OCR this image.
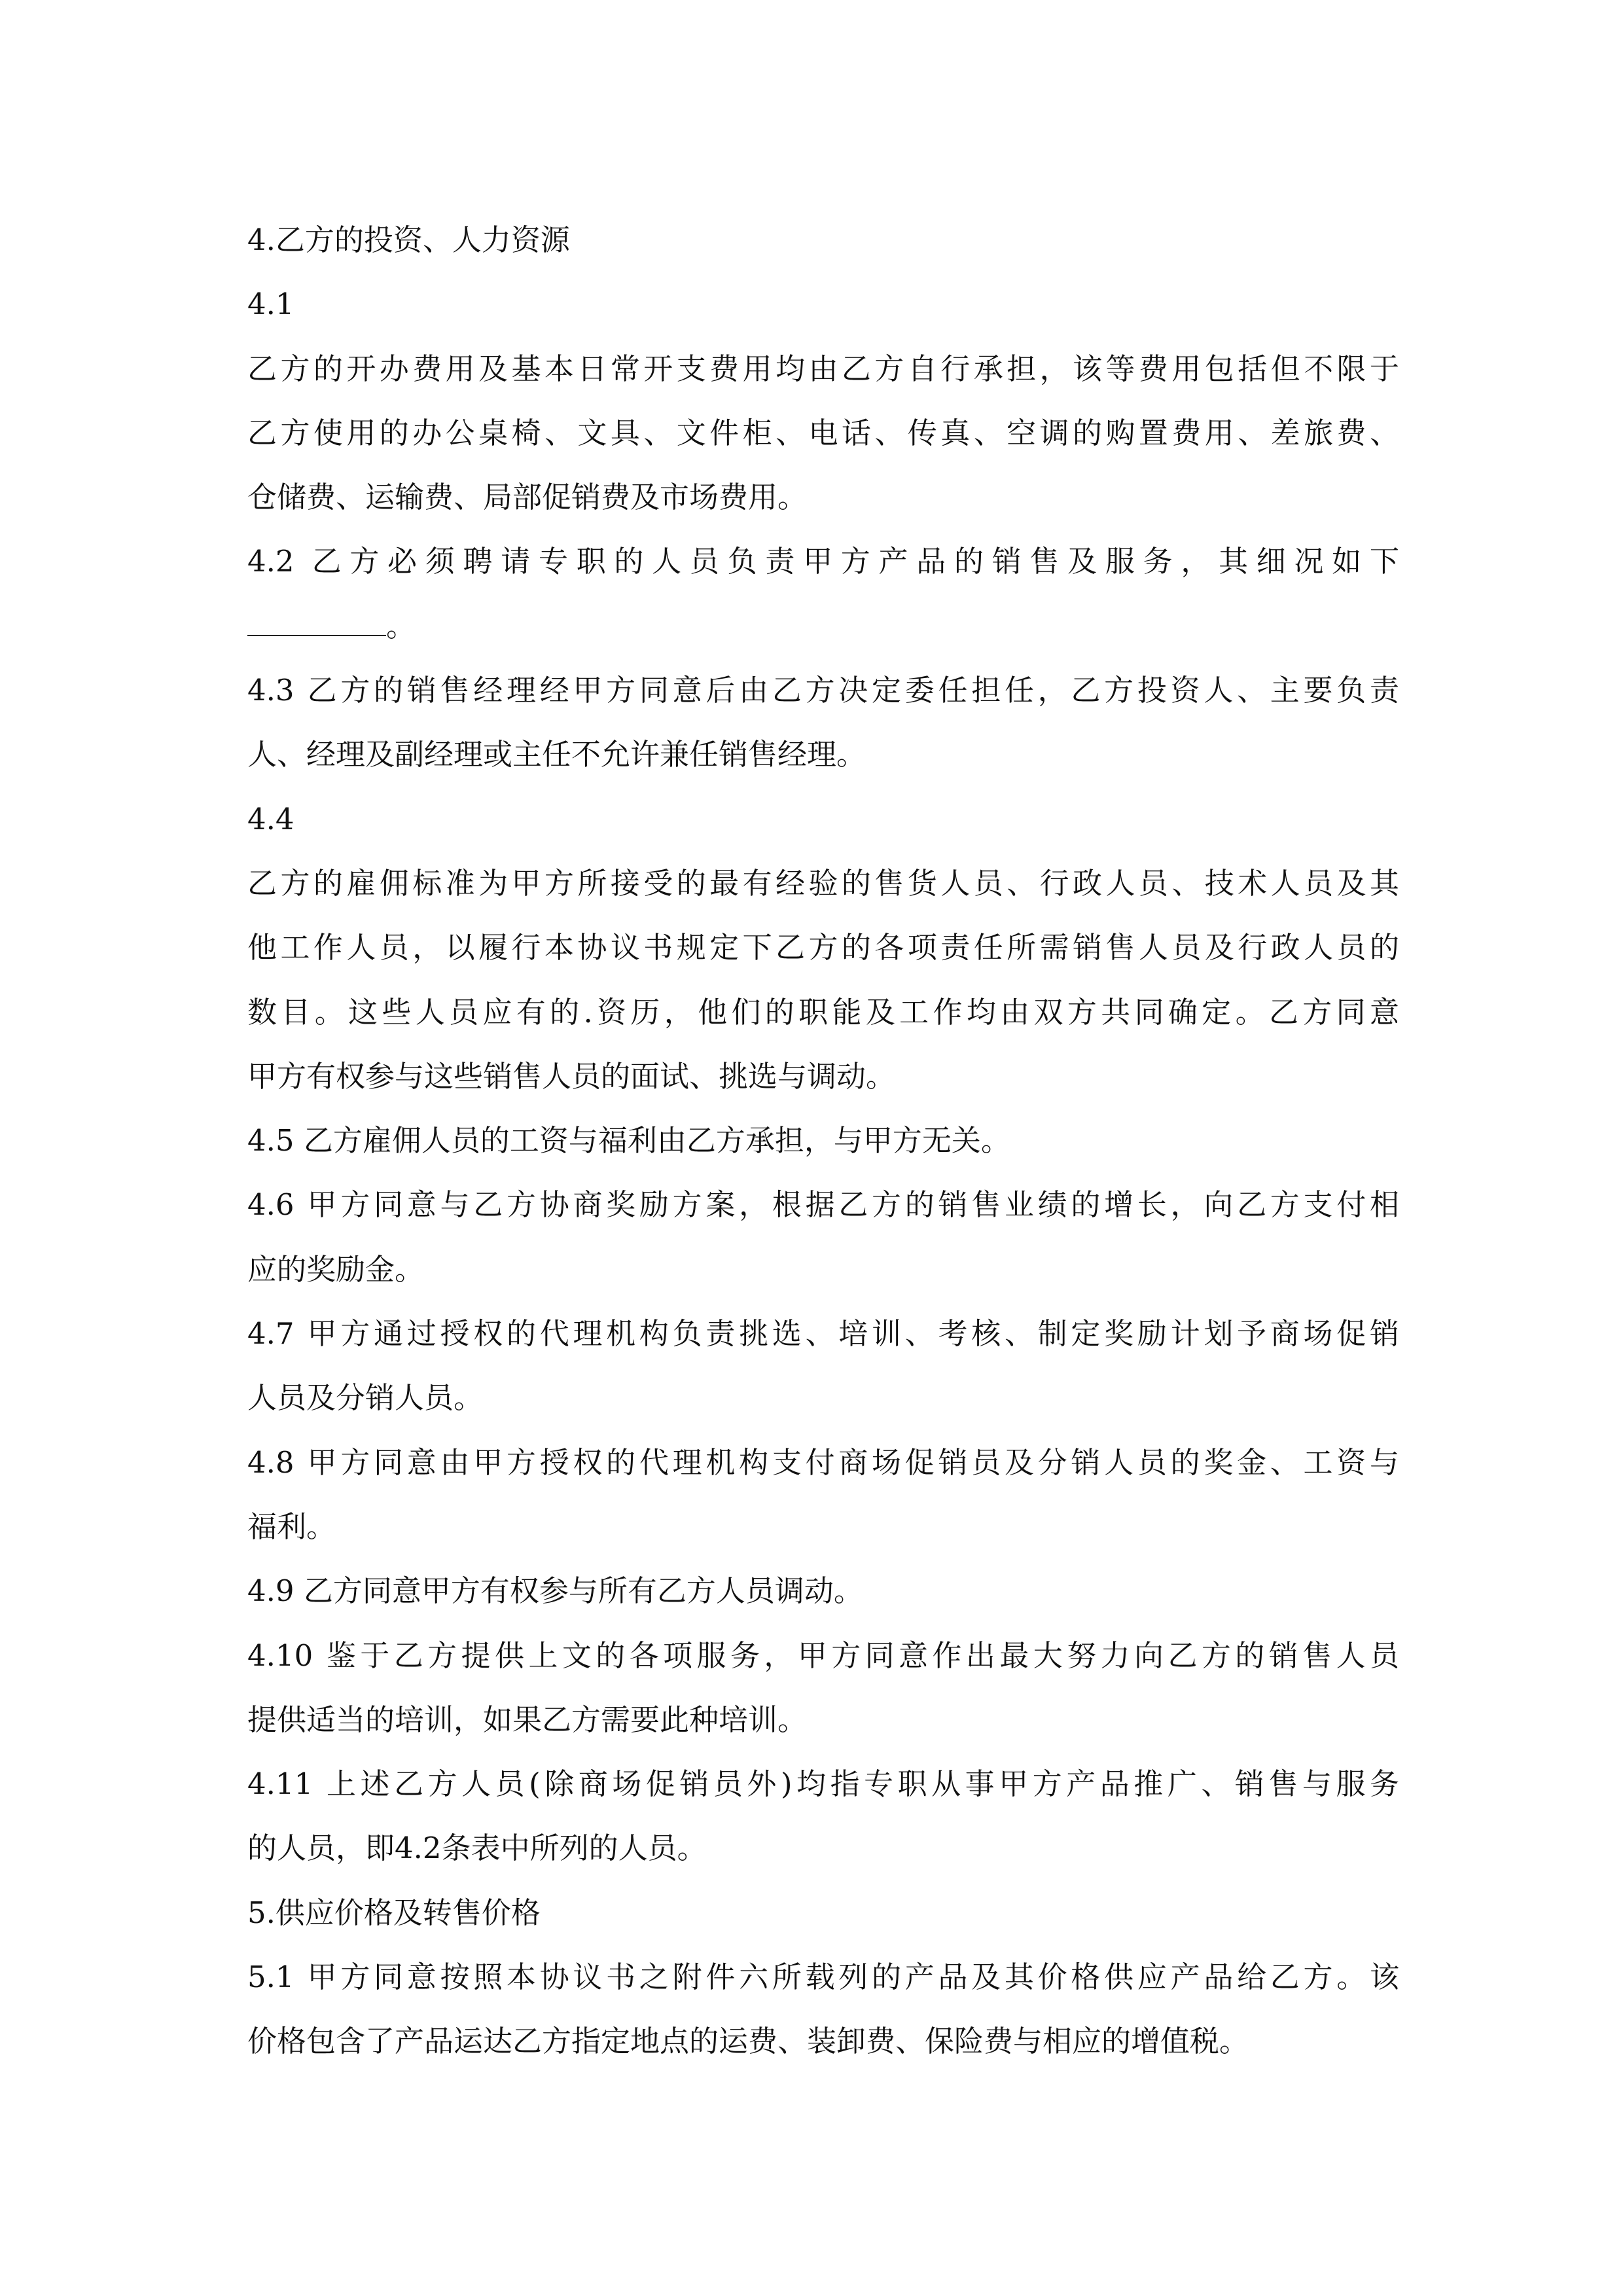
4.乙方的投资、人力资源
4.1
乙方的开办费用及基本日常开支费用均由乙方自行承担，该等费用包括但不限于
乙方使用的办公桌椅、文具、文件柜、电话、传真、空调的购置费用、差旅费、
仓储费、运输费、局部促销费及市场费用。
4.2 乙方必须聘请专职的人员负责甲方产品的销售及服务，其细况如下
。
4.3 乙方的销售经理经甲方同意后由乙方决定委任担任，乙方投资人、主要负责
人、经理及副经理或主任不允许兼任销售经理。
4.4
乙方的雇佣标准为甲方所接受的最有经验的售货人员、行政人员、技术人员及其
他工作人员，以履行本协议书规定下乙方的各项责任所需销售人员及行政人员的
数目。这些人员应有的.资历，他们的职能及工作均由双方共同确定。乙方同意
甲方有权参与这些销售人员的面试、挑选与调动。
4.5 乙方雇佣人员的工资与福利由乙方承担，与甲方无关。
4.6 甲方同意与乙方协商奖励方案，根据乙方的销售业绩的增长，向乙方支付相
应的奖励金。
4.7 甲方通过授权的代理机构负责挑选、培训、考核、制定奖励计划予商场促销
人员及分销人员。
4.8 甲方同意由甲方授权的代理机构支付商场促销员及分销人员的奖金、工资与
福利。
4.9 乙方同意甲方有权参与所有乙方人员调动。
4.10 鉴于乙方提供上文的各项服务，甲方同意作出最大努力向乙方的销售人员
提供适当的培训，如果乙方需要此种培训。
4.11 上述乙方人员(除商场促销员外)均指专职从事甲方产品推广、销售与服务
的人员，即4.2条表中所列的人员。
5.供应价格及转售价格
5.1 甲方同意按照本协议书之附件六所载列的产品及其价格供应产品给乙方。该
价格包含了产品运达乙方指定地点的运费、装卸费、保险费与相应的增值税。
